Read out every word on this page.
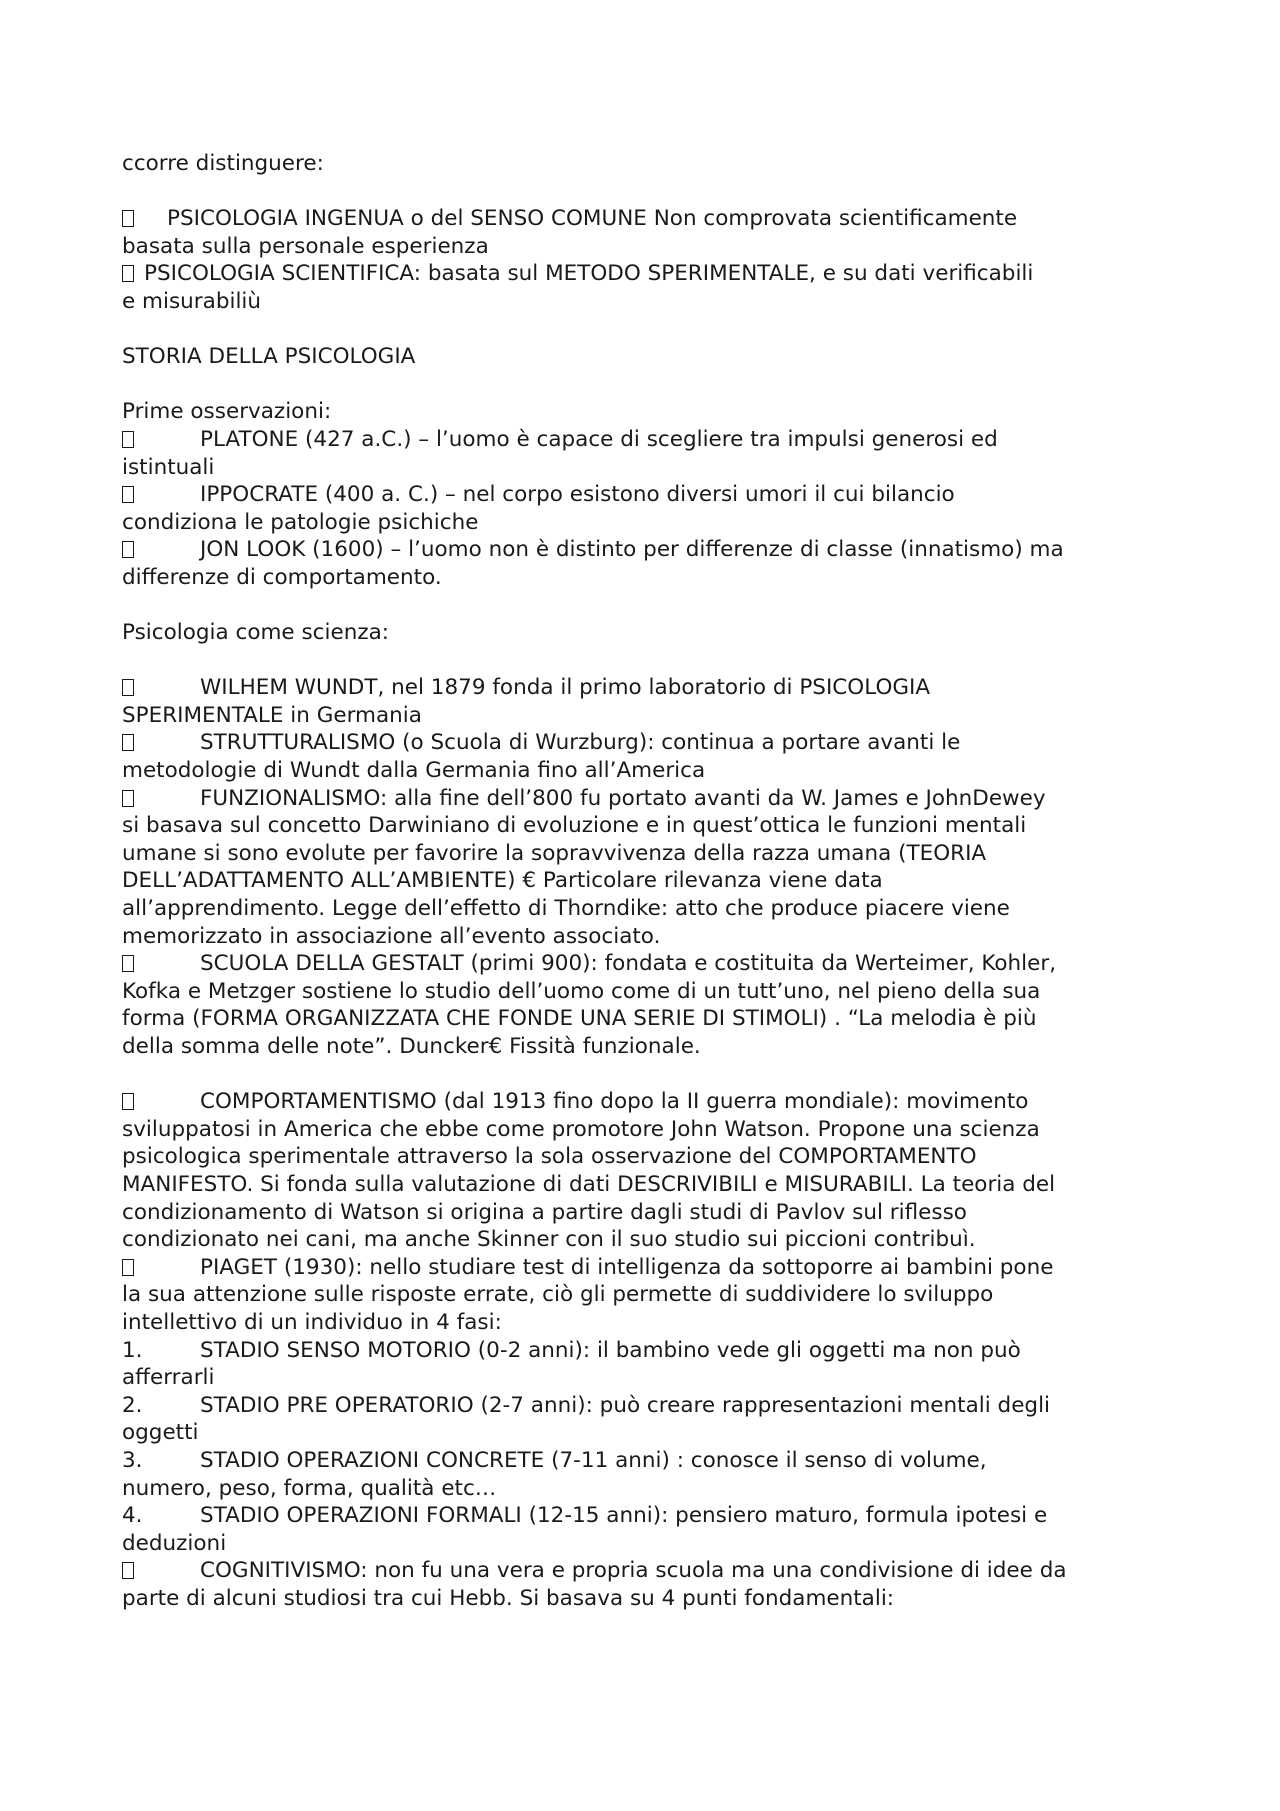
ccorre distinguere:
PSICOLOGIA INGENUA o del SENSO COMUNE Non comprovata scientificamente
basata sulla personale esperienza
PSICOLOGIA SCIENTIFICA: basata sul METODO SPERIMENTALE, e su dati verificabili
e misurabiliù
STORIA DELLA PSICOLOGIA
Prime osservazioni:
PLATONE (427 a.C.) – l’uomo è capace di scegliere tra impulsi generosi ed
istintuali
IPPOCRATE (400 a. C.) – nel corpo esistono diversi umori il cui bilancio
condiziona le patologie psichiche
JON LOOK (1600) – l’uomo non è distinto per differenze di classe (innatismo) ma
differenze di comportamento.
Psicologia come scienza:
WILHEM WUNDT, nel 1879 fonda il primo laboratorio di PSICOLOGIA
SPERIMENTALE in Germania
STRUTTURALISMO (o Scuola di Wurzburg): continua a portare avanti le
metodologie di Wundt dalla Germania fino all’America
FUNZIONALISMO: alla fine dell’800 fu portato avanti da W. James e JohnDewey
si basava sul concetto Darwiniano di evoluzione e in quest’ottica le funzioni mentali
umane si sono evolute per favorire la sopravvivenza della razza umana (TEORIA
DELL’ADATTAMENTO ALL’AMBIENTE) € Particolare rilevanza viene data
all’apprendimento. Legge dell’effetto di Thorndike: atto che produce piacere viene
memorizzato in associazione all’evento associato.
SCUOLA DELLA GESTALT (primi 900): fondata e costituita da Werteimer, Kohler,
Kofka e Metzger sostiene lo studio dell’uomo come di un tutt’uno, nel pieno della sua
forma (FORMA ORGANIZZATA CHE FONDE UNA SERIE DI STIMOLI) . “La melodia è più
della somma delle note”. Duncker€ Fissità funzionale.
COMPORTAMENTISMO (dal 1913 fino dopo la II guerra mondiale): movimento
sviluppatosi in America che ebbe come promotore John Watson. Propone una scienza
psicologica sperimentale attraverso la sola osservazione del COMPORTAMENTO
MANIFESTO. Si fonda sulla valutazione di dati DESCRIVIBILI e MISURABILI. La teoria del
condizionamento di Watson si origina a partire dagli studi di Pavlov sul riflesso
condizionato nei cani, ma anche Skinner con il suo studio sui piccioni contribuì.
PIAGET (1930): nello studiare test di intelligenza da sottoporre ai bambini pone
la sua attenzione sulle risposte errate, ciò gli permette di suddividere lo sviluppo
intellettivo di un individuo in 4 fasi:
1.	STADIO SENSO MOTORIO (0-2 anni): il bambino vede gli oggetti ma non può
afferrarli
2.	STADIO PRE OPERATORIO (2-7 anni): può creare rappresentazioni mentali degli
oggetti
3.	STADIO OPERAZIONI CONCRETE (7-11 anni) : conosce il senso di volume,
numero, peso, forma, qualità etc…
4.	STADIO OPERAZIONI FORMALI (12-15 anni): pensiero maturo, formula ipotesi e
deduzioni
COGNITIVISMO: non fu una vera e propria scuola ma una condivisione di idee da
parte di alcuni studiosi tra cui Hebb. Si basava su 4 punti fondamentali:
